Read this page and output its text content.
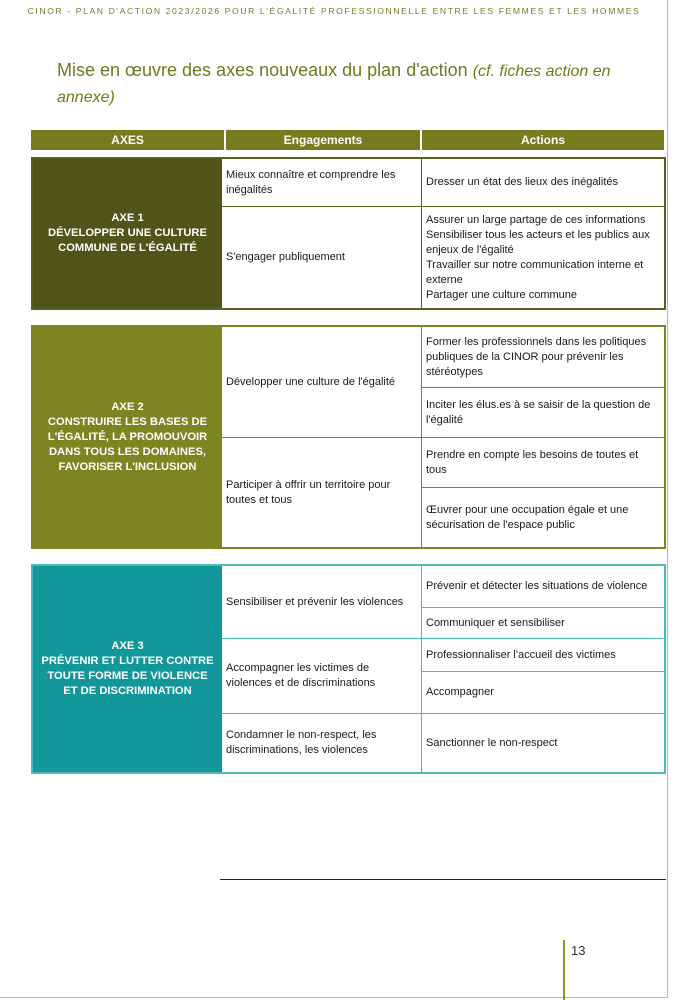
CINOR - PLAN D'ACTION 2023/2026 POUR L'ÉGALITÉ PROFESSIONNELLE ENTRE LES FEMMES ET LES HOMMES
Mise en œuvre des axes nouveaux du plan d'action (cf. fiches action en annexe)
AXES	Engagements	Actions
AXE 1
DÉVELOPPER UNE CULTURE COMMUNE DE L'ÉGALITÉ
Mieux connaître et comprendre les inégalités
Dresser un état des lieux des inégalités
S'engager publiquement
Assurer un large partage de ces informations
Sensibiliser tous les acteurs et les publics aux enjeux de l'égalité
Travailler sur notre communication interne et externe
Partager une culture commune
AXE 2
CONSTRUIRE LES BASES DE L'ÉGALITÉ, LA PROMOUVOIR DANS TOUS LES DOMAINES, FAVORISER L'INCLUSION
Développer une culture de l'égalité
Former les professionnels dans les politiques publiques de la CINOR pour prévenir les stéréotypes
Inciter les élus.es à se saisir de la question de l'égalité
Participer à offrir un territoire pour toutes et tous
Prendre en compte les besoins de toutes et tous
Œuvrer pour une occupation égale et une sécurisation de l'espace public
AXE 3
PRÉVENIR ET LUTTER CONTRE TOUTE FORME DE VIOLENCE ET DE DISCRIMINATION
Sensibiliser et prévenir les violences
Prévenir et détecter les situations de violence
Communiquer et sensibiliser
Accompagner les victimes de violences et de discriminations
Professionnaliser l'accueil des victimes
Accompagner
Condamner le non-respect, les discriminations, les violences
Sanctionner le non-respect
13
